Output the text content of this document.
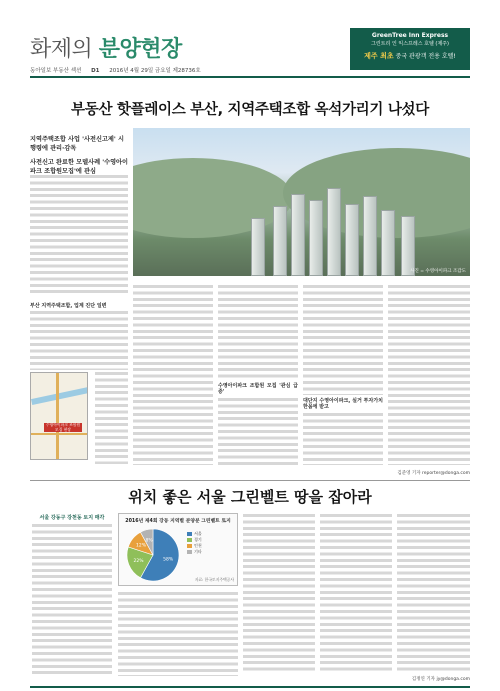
화제의 분양현장
GreenTree Inn Express
그린트리 인 익스프레스 호텔 (제주)
제주 최초 중국 관광객 전용 호텔!
동아일보 부동산 섹션 D1 2016년 4월 29일 금요일 제28736호
부동산 핫플레이스 부산, 지역주택조합 옥석가리기 나섰다

지역주택조합 사업 '사전신고제' 시행령에 관리·감독

사전신고 완료한 모델사례 '수영아이파크 조합원모집'에 관심

사진 = 수영아이파크 조감도
부산 지역주택조합, 업계 진단 일변
수영아이파크 조합원 모집 현장
수영아이파크 조합원 모집 '관심 급증'
대단지 수영아이파크, 실거 투자가치 한몸에 받고
김준영 기자 reporter@donga.com
위치 좋은 서울 그린벨트 땅을 잡아라
서울 강동구 강천동 토지 매각
2016년 제4회 강동 지역별 분양분 그린벨트 토지
58%
22%
12%
8%
서울
경기
인천
기타
자료: 한국토지주택공사
김정연 기자 jy@donga.com
